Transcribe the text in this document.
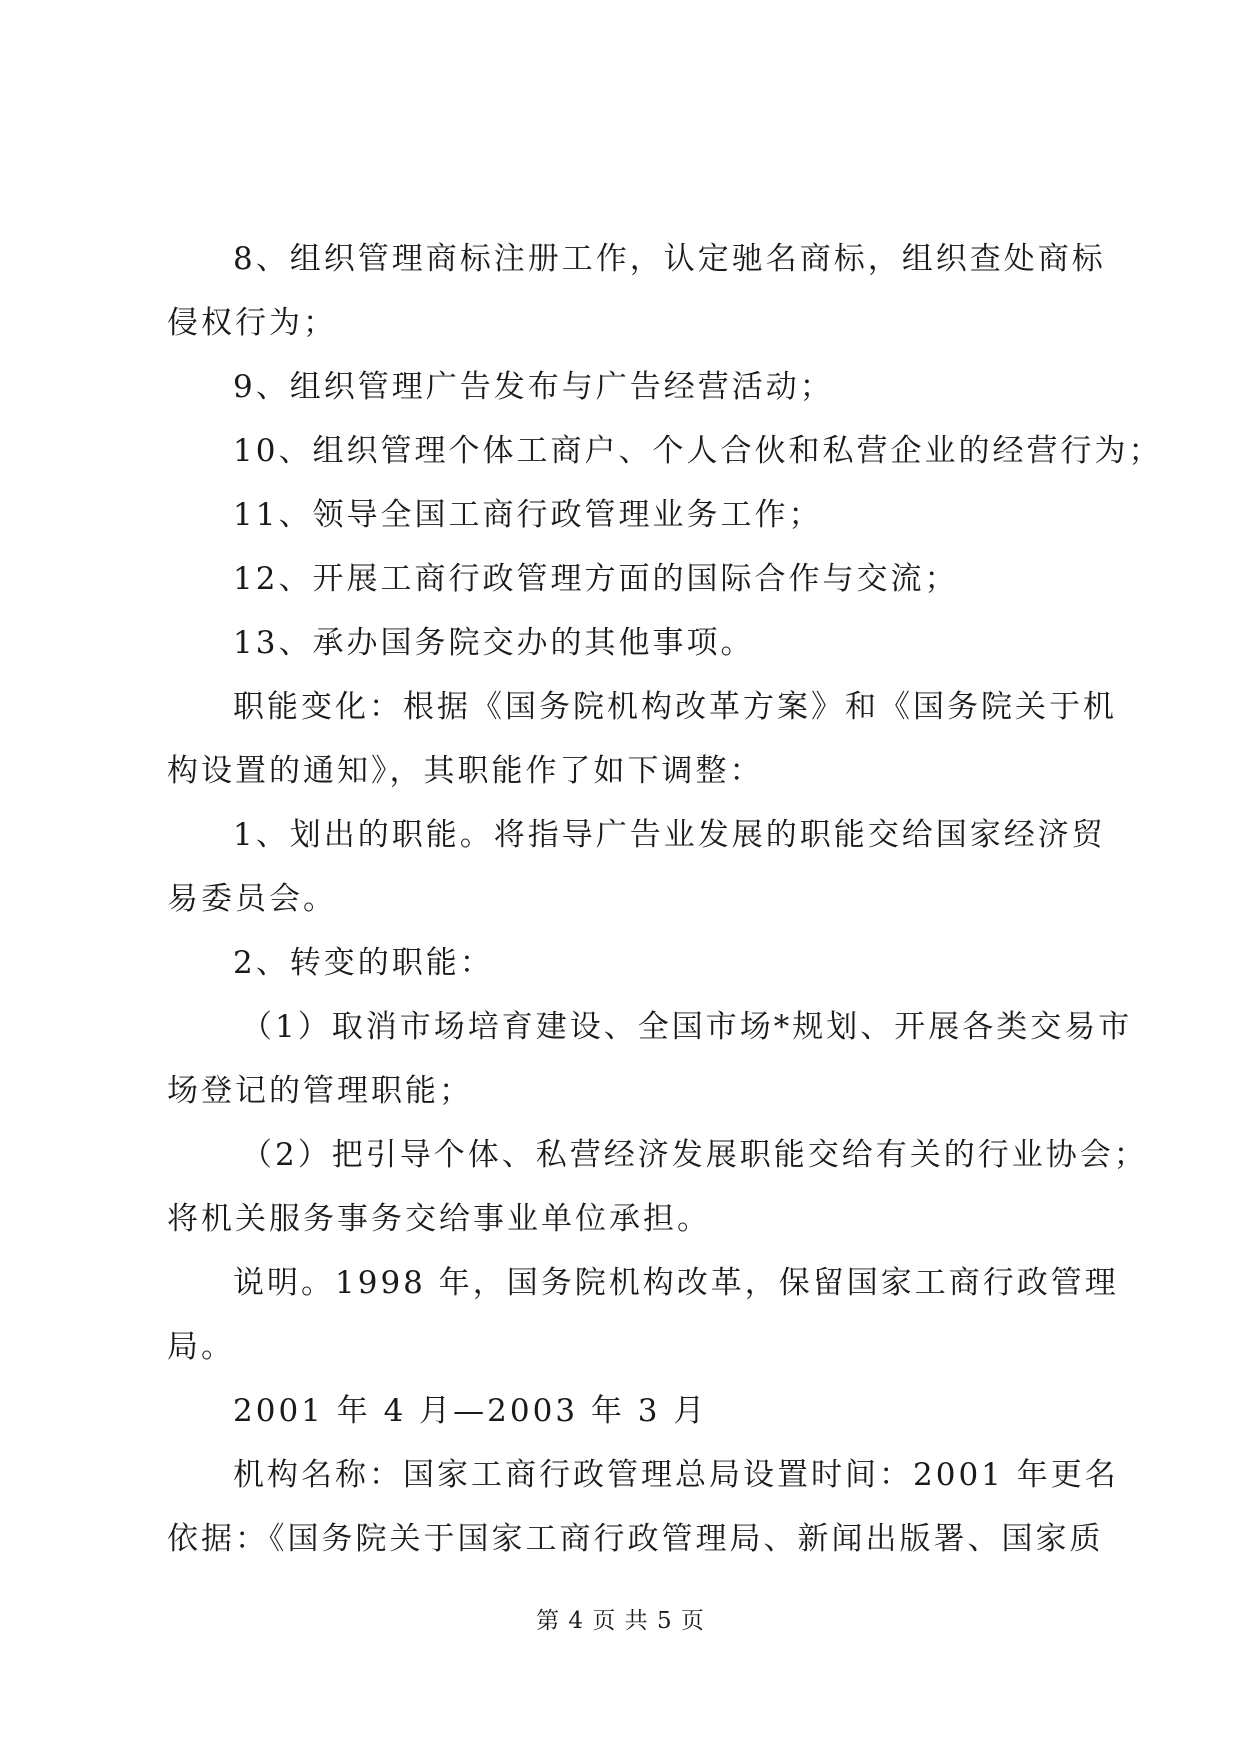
8、组织管理商标注册工作，认定驰名商标，组织查处商标
侵权行为；
9、组织管理广告发布与广告经营活动；
10、组织管理个体工商户、个人合伙和私营企业的经营行为；
11、领导全国工商行政管理业务工作；
12、开展工商行政管理方面的国际合作与交流；
13、承办国务院交办的其他事项。
职能变化：根据《国务院机构改革方案》和《国务院关于机
构设置的通知》，其职能作了如下调整：
1、划出的职能。将指导广告业发展的职能交给国家经济贸
易委员会。
2、转变的职能：
（1）取消市场培育建设、全国市场*规划、开展各类交易市
场登记的管理职能；
（2）把引导个体、私营经济发展职能交给有关的行业协会；
将机关服务事务交给事业单位承担。
说明。1998 年，国务院机构改革，保留国家工商行政管理
局。
2001 年 4 月—2003 年 3 月
机构名称：国家工商行政管理总局设置时间：2001 年更名
依据：《国务院关于国家工商行政管理局、新闻出版署、国家质
第 4 页 共 5 页
